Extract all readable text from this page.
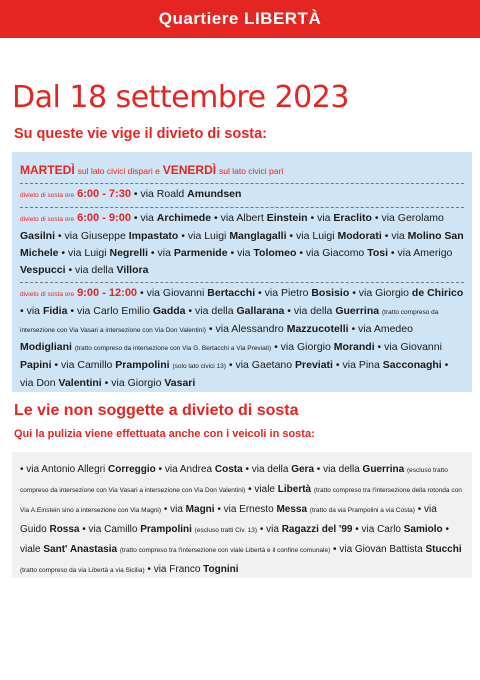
Quartiere LIBERTÀ
Dal 18 settembre 2023
Su queste vie vige il divieto di sosta:
MARTEDÌ sul lato civici dispari e VENERDÌ sul lato civici pari
divieto di sosta ore 6:00 - 7:30 • via Roald Amundsen
divieto di sosta ore 6:00 - 9:00 • via Archimede • via Albert Einstein • via Eraclito • via Gerolamo Gasilni • via Giuseppe Impastato • via Luigi Manglagalli • via Luigi Modorati • via Molino San Michele • via Luigi Negrelli • via Parmenide • via Tolomeo • via Giacomo Tosi • via Amerigo Vespucci • via della Villora
divieto di sosta ore 9:00 - 12:00 • via Giovanni Bertacchi • via Pietro Bosisio • via Giorgio de Chirico • via Fidia • via Carlo Emilio Gadda • via della Gallarana • via della Guerrina (tratto compreso da intersezione con Via Vasari a intersezione con Via Don Valentini) • via Alessandro Mazzucotelli • via Amedeo Modigliani (tratto compreso da intersezione con Via G. Bertacchi a Via Previati) • via Giorgio Morandi • via Giovanni Papini • via Camillo Prampolini (solo lato civici 13) • via Gaetano Previati • via Pina Sacconaghi • via Don Valentini • via Giorgio Vasari
Le vie non soggette a divieto di sosta
Qui la pulizia viene effettuata anche con i veicoli in sosta:
• via Antonio Allegri Correggio • via Andrea Costa • via della Gera • via della Guerrina (escluso tratto compreso da intersezione con Via Vasari a intersezione con Via Don Valentini) • viale Libertà (tratto compreso tra l'intersezione della rotonda con Via A.Einstein sino a intersezione con Via Magni) • via Magni • via Ernesto Messa (tratto da via Prampolini a via Costa) • via Guido Rossa • via Camillo Prampolini (escluso tratti Civ. 13) • via Ragazzi del '99 • via Carlo Samiolo • viale Sant' Anastasia (tratto compreso tra l'intersezione con viale Libertà e il confine comunale) • via Giovan Battista Stucchi (tratto compreso da via Libertà a via Sicilia) • via Franco Tognini
